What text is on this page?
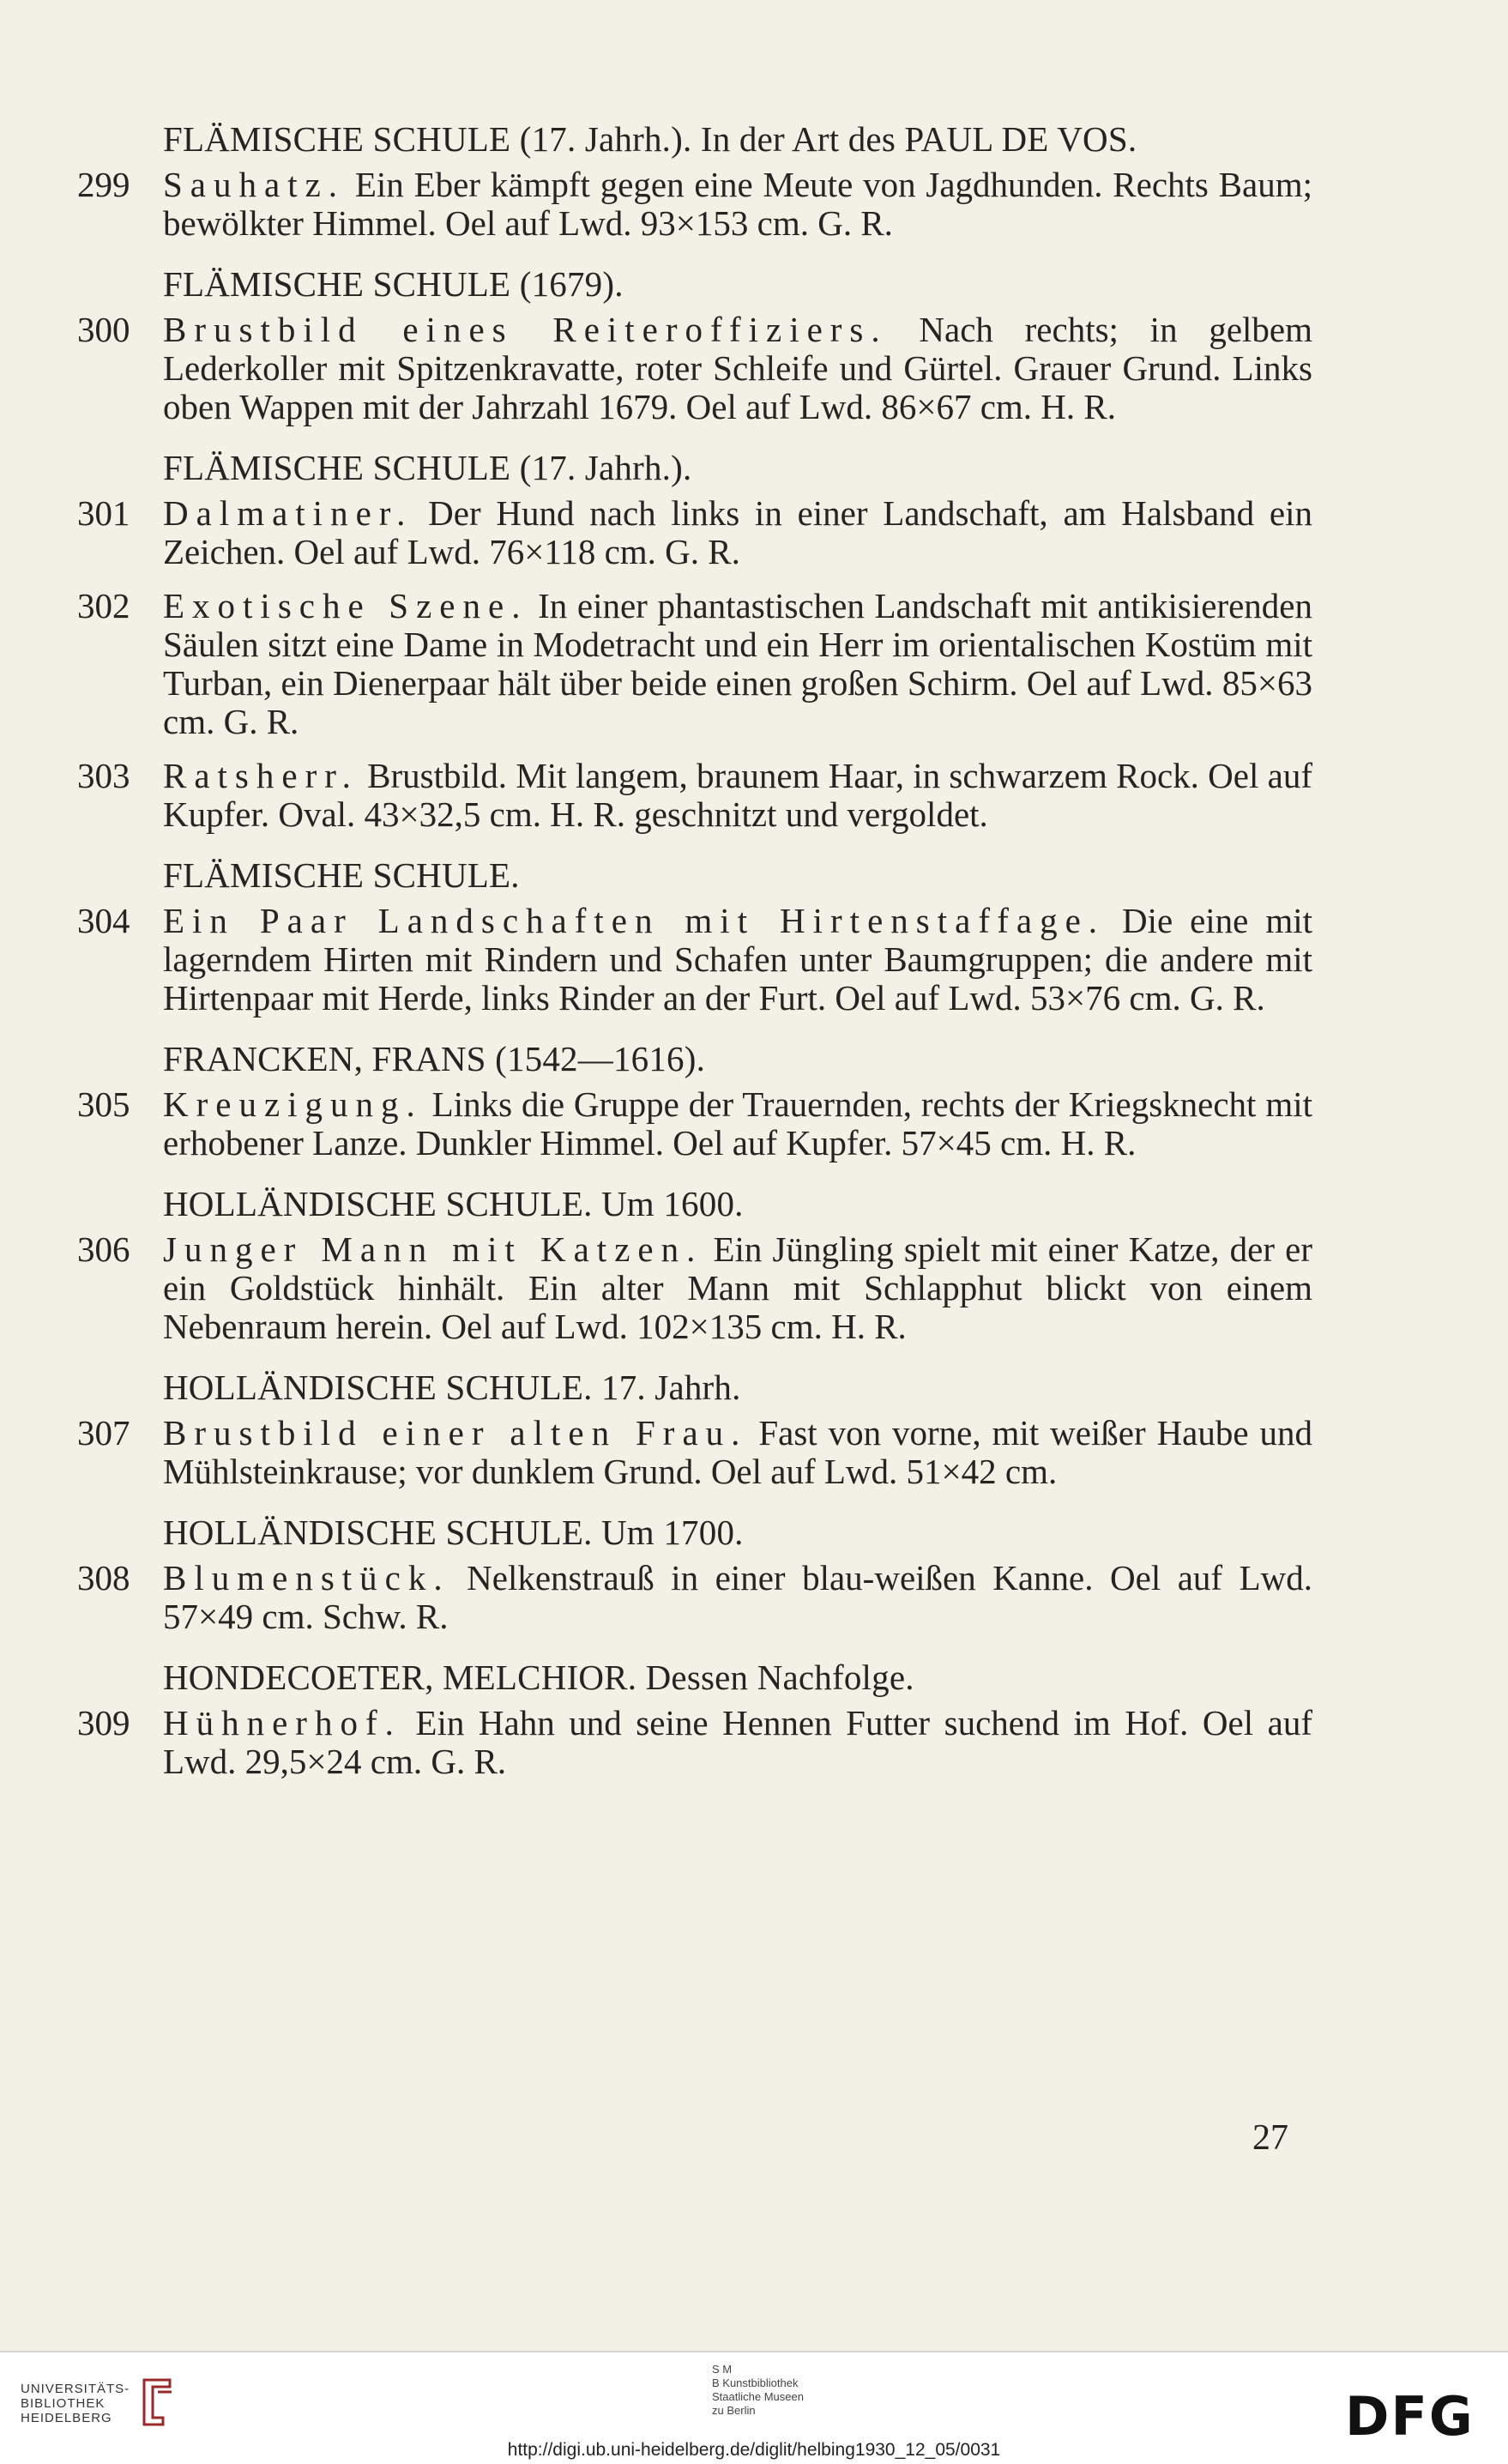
FLÄMISCHE SCHULE (17. Jahrh.). In der Art des PAUL DE VOS.
299 Sauhatz. Ein Eber kämpft gegen eine Meute von Jagdhunden. Rechts Baum; bewölkter Himmel. Oel auf Lwd. 93×153 cm. G. R.
FLÄMISCHE SCHULE (1679).
300 Brustbild eines Reiteroffiziers. Nach rechts; in gelbem Lederkoller mit Spitzenkravatte, roter Schleife und Gürtel. Grauer Grund. Links oben Wappen mit der Jahrzahl 1679. Oel auf Lwd. 86×67 cm. H. R.
FLÄMISCHE SCHULE (17. Jahrh.).
301 Dalmatiner. Der Hund nach links in einer Landschaft, am Halsband ein Zeichen. Oel auf Lwd. 76×118 cm. G. R.
302 Exotische Szene. In einer phantastischen Landschaft mit antikisierenden Säulen sitzt eine Dame in Modetracht und ein Herr im orientalischen Kostüm mit Turban, ein Dienerpaar hält über beide einen großen Schirm. Oel auf Lwd. 85×63 cm. G. R.
303 Ratsherr. Brustbild. Mit langem, braunem Haar, in schwarzem Rock. Oel auf Kupfer. Oval. 43×32,5 cm. H. R. geschnitzt und vergoldet.
FLÄMISCHE SCHULE.
304 Ein Paar Landschaften mit Hirtenstaffage. Die eine mit lagerndem Hirten mit Rindern und Schafen unter Baumgruppen; die andere mit Hirtenpaar mit Herde, links Rinder an der Furt. Oel auf Lwd. 53×76 cm. G. R.
FRANCKEN, FRANS (1542—1616).
305 Kreuzigung. Links die Gruppe der Trauernden, rechts der Kriegsknecht mit erhobener Lanze. Dunkler Himmel. Oel auf Kupfer. 57×45 cm. H. R.
HOLLÄNDISCHE SCHULE. Um 1600.
306 Junger Mann mit Katzen. Ein Jüngling spielt mit einer Katze, der er ein Goldstück hinhält. Ein alter Mann mit Schlapphut blickt von einem Nebenraum herein. Oel auf Lwd. 102×135 cm. H. R.
HOLLÄNDISCHE SCHULE. 17. Jahrh.
307 Brustbild einer alten Frau. Fast von vorne, mit weißer Haube und Mühlsteinkrause; vor dunklem Grund. Oel auf Lwd. 51×42 cm.
HOLLÄNDISCHE SCHULE. Um 1700.
308 Blumenstück. Nelkenstrauß in einer blau-weißen Kanne. Oel auf Lwd. 57×49 cm. Schw. R.
HONDECOETER, MELCHIOR. Dessen Nachfolge.
309 Hühnerhof. Ein Hahn und seine Hennen Futter suchend im Hof. Oel auf Lwd. 29,5×24 cm. G. R.
27
UNIVERSITÄTS-
BIBLIOTHEK
HEIDELBERG
S M
B Kunstbibliothek
Staatliche Museen
zu Berlin	DFG
http://digi.ub.uni-heidelberg.de/diglit/helbing1930_12_05/0031
